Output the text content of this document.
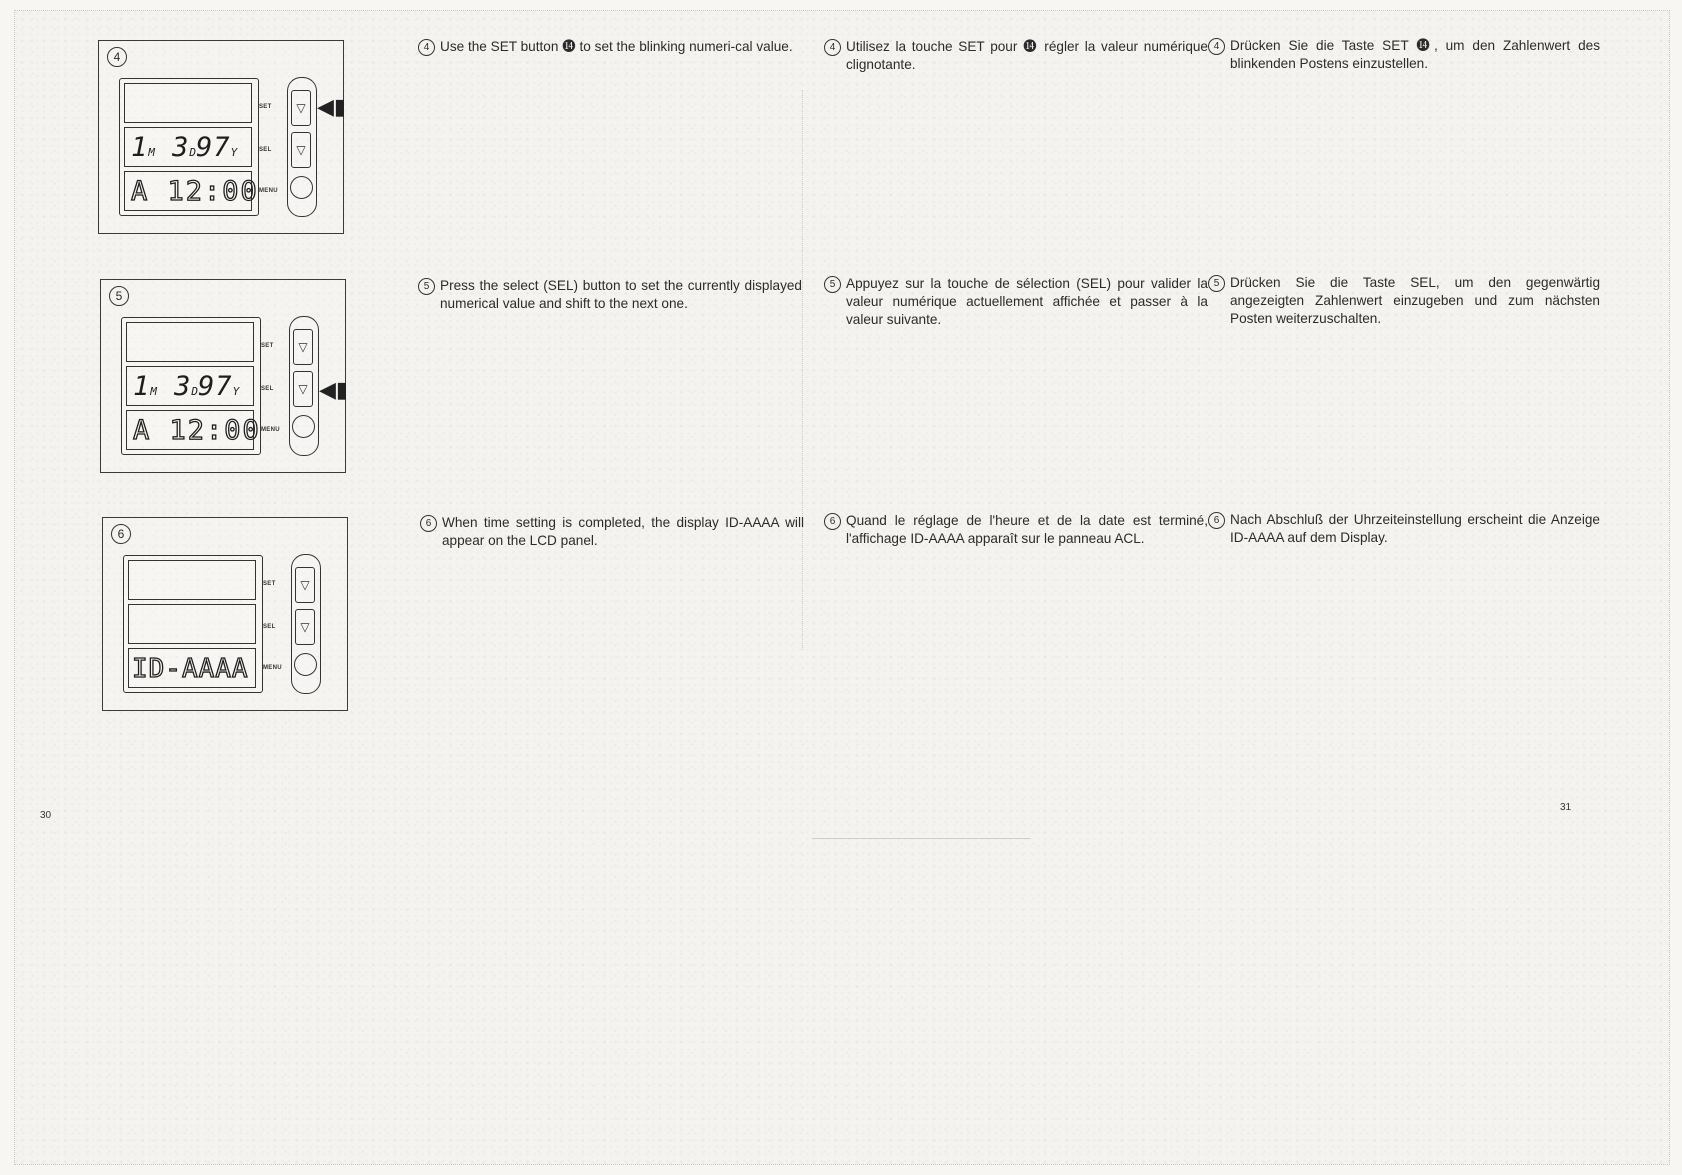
4
1M 3D97Y
A 12:00
SET
SEL
MENU
▽
▽
◀▮
5
1M 3D97Y
A 12:00
SET
SEL
MENU
▽
▽ ◀▮
6
ID-AAAA
SET
SEL
MENU
▽
▽
4 Use the SET button ⓮ to set the blinking numeri-cal value.
5 Press the select (SEL) button to set the currently displayed numerical value and shift to the next one.
6 When time setting is completed, the display ID-AAAA will appear on the LCD panel.
4 Utilisez la touche SET pour ⓮ régler la valeur numérique clignotante.
5 Appuyez sur la touche de sélection (SEL) pour valider la valeur numérique actuellement affichée et passer à la valeur suivante.
6 Quand le réglage de l'heure et de la date est terminé, l'affichage ID-AAAA apparaît sur le panneau ACL.
4 Drücken Sie die Taste SET ⓮, um den Zahlenwert des blinkenden Postens einzustellen.
5 Drücken Sie die Taste SEL, um den gegenwärtig angezeigten Zahlenwert einzugeben und zum nächsten Posten weiterzuschalten.
6 Nach Abschluß der Uhrzeiteinstellung erscheint die Anzeige ID-AAAA auf dem Display.
30
31
